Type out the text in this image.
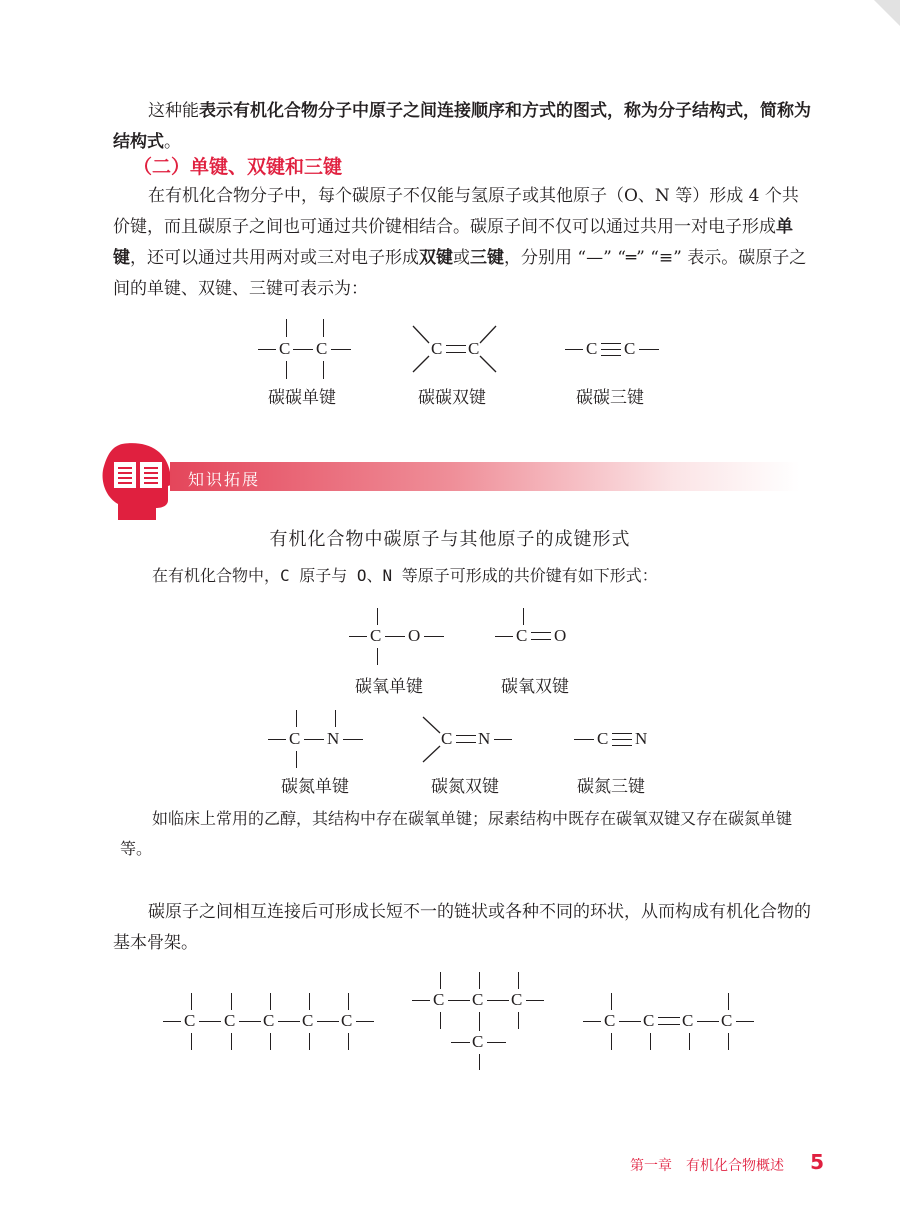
这种能表示有机化合物分子中原子之间连接顺序和方式的图式，称为分子结构式，简称为结构式。

（二）单键、双键和三键

在有机化合物分子中，每个碳原子不仅能与氢原子或其他原子（O、N 等）形成 4 个共价键，而且碳原子之间也可通过共价键相结合。碳原子间不仅可以通过共用一对电子形成单键，还可以通过共用两对或三对电子形成双键或三键，分别用 “—” “═” “≡” 表示。碳原子之间的单键、双键、三键可表示为：

C C
碳碳单键
C C
碳碳双键
C C
碳碳三键
知识拓展
有机化合物中碳原子与其他原子的成键形式

在有机化合物中，C 原子与 O、N 等原子可形成的共价键有如下形式：

C O
碳氧单键
C O
碳氧双键
C N
碳氮单键
C N
碳氮双键
C N
碳氮三键

如临床上常用的乙醇，其结构中存在碳氧单键；尿素结构中既存在碳氧双键又存在碳氮单键等。

碳原子之间相互连接后可形成长短不一的链状或各种不同的环状，从而构成有机化合物的基本骨架。

C C C C C
C C C
C
C C C C
第一章　有机化合物概述 5
